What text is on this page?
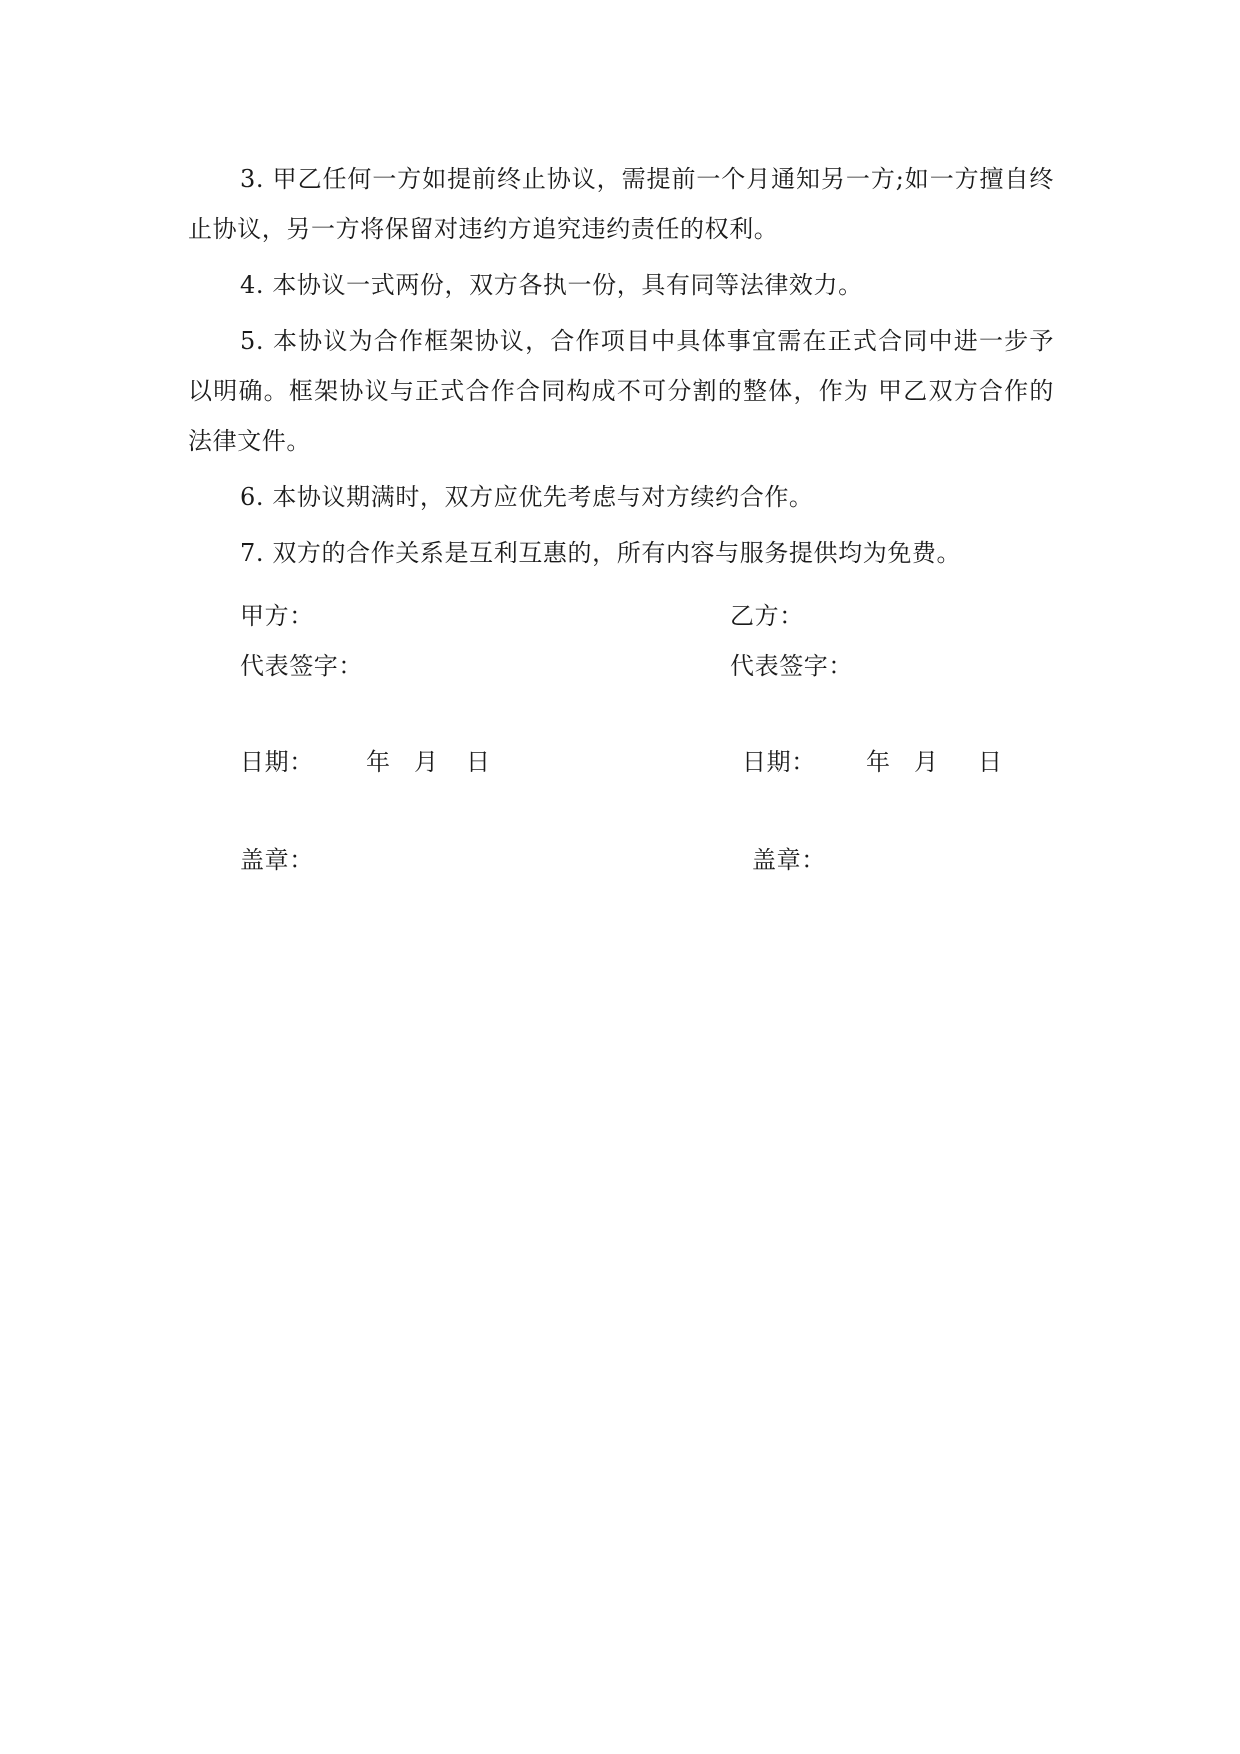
3. 甲乙任何一方如提前终止协议，需提前一个月通知另一方;如一方擅自终止协议，另一方将保留对违约方追究违约责任的权利。

4. 本协议一式两份，双方各执一份，具有同等法律效力。

5. 本协议为合作框架协议，合作项目中具体事宜需在正式合同中进一步予以明确。框架协议与正式合作合同构成不可分割的整体，作为 甲乙双方合作的法律文件。

6. 本协议期满时，双方应优先考虑与对方续约合作。

7. 双方的合作关系是互利互惠的，所有内容与服务提供均为免费。

甲方：
代表签字：
日期： 年 月 日
盖章：
乙方：
代表签字：
日期： 年 月 日
盖章：
